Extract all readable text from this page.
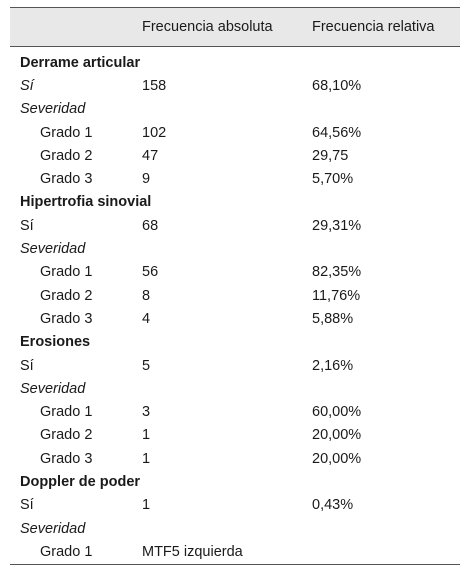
	Frecuencia absoluta	Frecuencia relativa
Derrame articular		
Sí	158	68,10%
Severidad		
Grado 1	102	64,56%
Grado 2	47	29,75
Grado 3	9	5,70%
Hipertrofia sinovial		
Sí	68	29,31%
Severidad		
Grado 1	56	82,35%
Grado 2	8	11,76%
Grado 3	4	5,88%
Erosiones		
Sí	5	2,16%
Severidad		
Grado 1	3	60,00%
Grado 2	1	20,00%
Grado 3	1	20,00%
Doppler de poder		
Sí	1	0,43%
Severidad		
Grado 1	MTF5 izquierda	
